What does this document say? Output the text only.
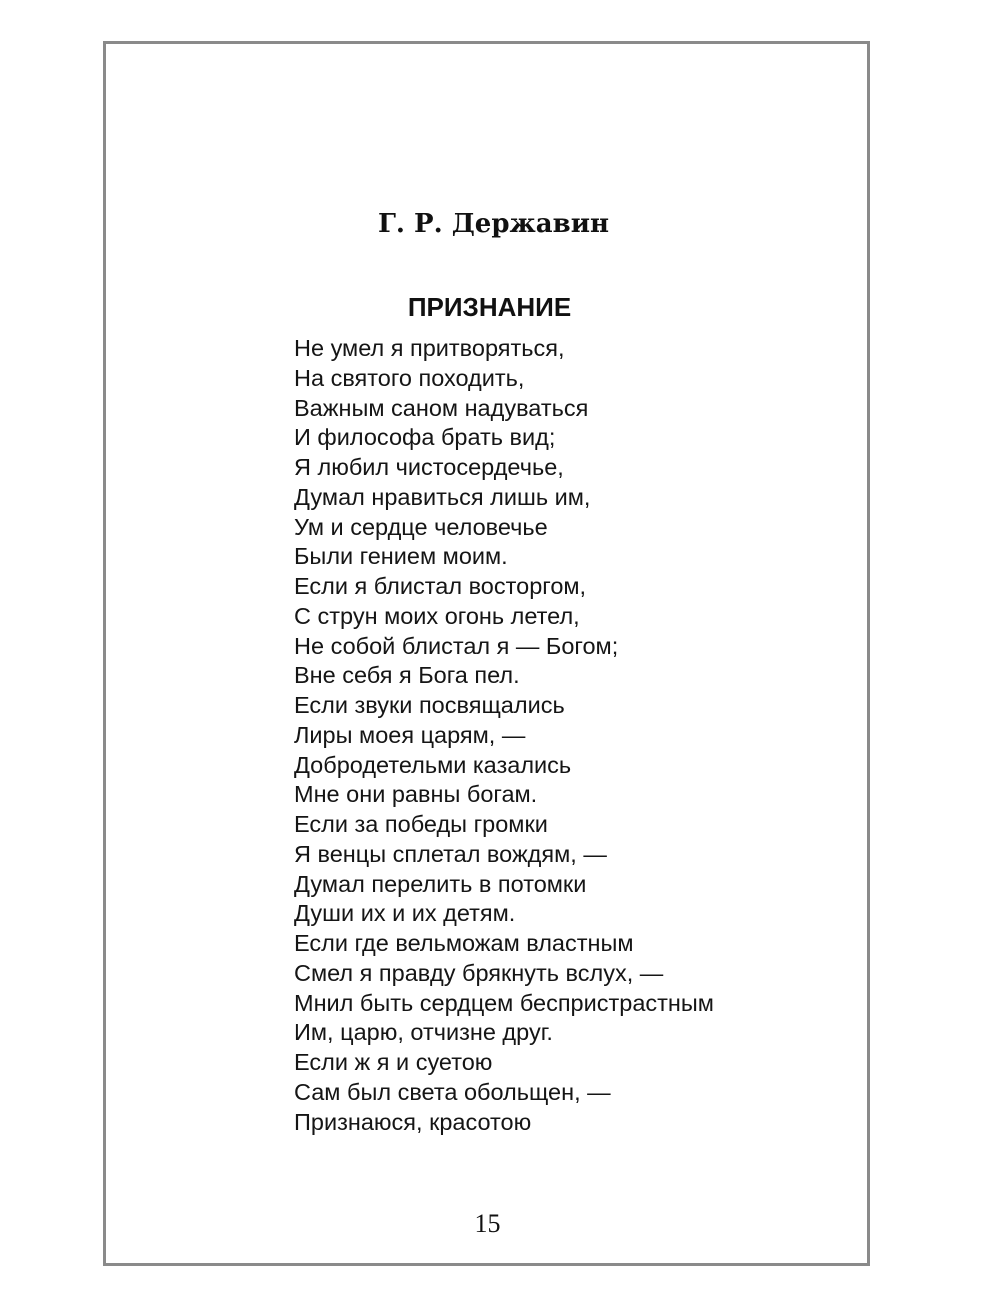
Г. Р. Державин
ПРИЗНАНИЕ
Не умел я притворяться,
На святого походить,
Важным саном надуваться
И философа брать вид;
Я любил чистосердечье,
Думал нравиться лишь им,
Ум и сердце человечье
Были гением моим.
Если я блистал восторгом,
С струн моих огонь летел,
Не собой блистал я — Богом;
Вне себя я Бога пел.
Если звуки посвящались
Лиры моея царям, —
Добродетельми казались
Мне они равны богам.
Если за победы громки
Я венцы сплетал вождям, —
Думал перелить в потомки
Души их и их детям.
Если где вельможам властным
Смел я правду брякнуть вслух, —
Мнил быть сердцем беспристрастным
Им, царю, отчизне друг.
Если ж я и суетою
Сам был света обольщен, —
Признаюся, красотою
15
